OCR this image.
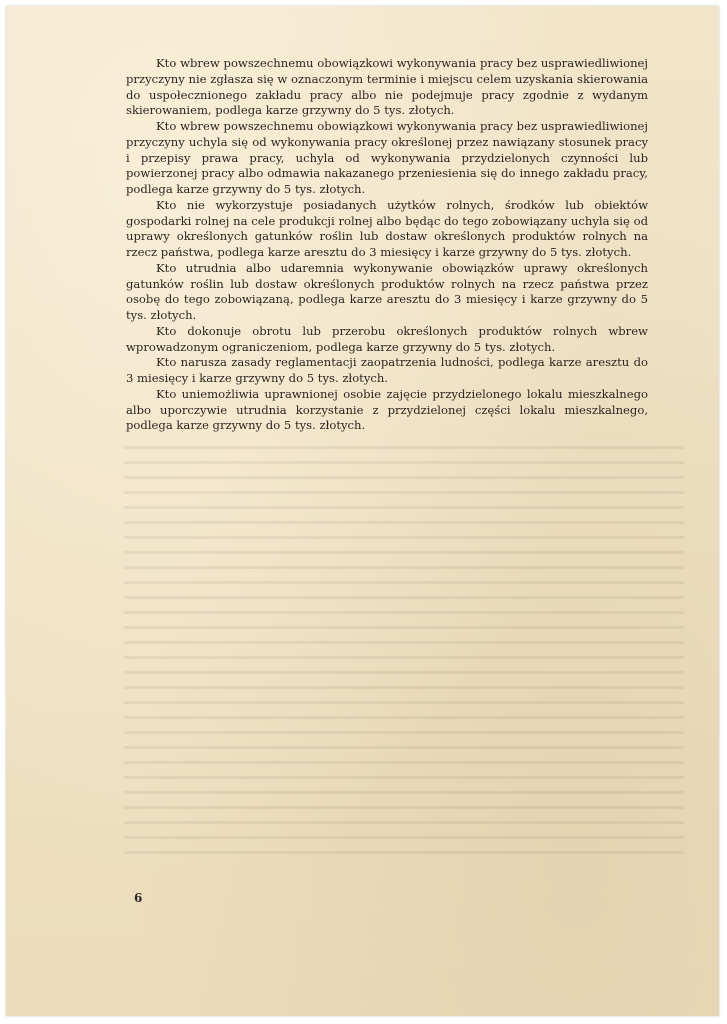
Kto wbrew powszechnemu obowiązkowi wykonywania pracy bez usprawiedliwionej przyczyny nie zgłasza się w oznaczonym terminie i miejscu celem uzyskania skierowania do uspołecznionego zakładu pracy albo nie podejmuje pracy zgodnie z wydanym skierowaniem, podlega karze grzywny do 5 tys. złotych.

Kto wbrew powszechnemu obowiązkowi wykonywania pracy bez usprawiedliwionej przyczyny uchyla się od wykonywania pracy określonej przez nawiązany stosunek pracy i przepisy prawa pracy, uchyla od wykonywania przydzielonych czynności lub powierzonej pracy albo odmawia nakazanego przeniesienia się do innego zakładu pracy, podlega karze grzywny do 5 tys. złotych.

Kto nie wykorzystuje posiadanych użytków rolnych, środków lub obiektów gospodarki rolnej na cele produkcji rolnej albo będąc do tego zobowiązany uchyla się od uprawy określonych gatunków roślin lub dostaw określonych produktów rolnych na rzecz państwa, podlega karze aresztu do 3 miesięcy i karze grzywny do 5 tys. złotych.

Kto utrudnia albo udaremnia wykonywanie obowiązków uprawy określonych gatunków roślin lub dostaw określonych produktów rolnych na rzecz państwa przez osobę do tego zobowiązaną, podlega karze aresztu do 3 miesięcy i karze grzywny do 5 tys. złotych.

Kto dokonuje obrotu lub przerobu określonych produktów rolnych wbrew wprowadzonym ograniczeniom, podlega karze grzywny do 5 tys. złotych.

Kto narusza zasady reglamentacji zaopatrzenia ludności, podlega karze aresztu do 3 miesięcy i karze grzywny do 5 tys. złotych.

Kto uniemożliwia uprawnionej osobie zajęcie przydzielonego lokalu mieszkalnego albo uporczywie utrudnia korzystanie z przydzielonej części lokalu mieszkalnego, podlega karze grzywny do 5 tys. złotych.

6
